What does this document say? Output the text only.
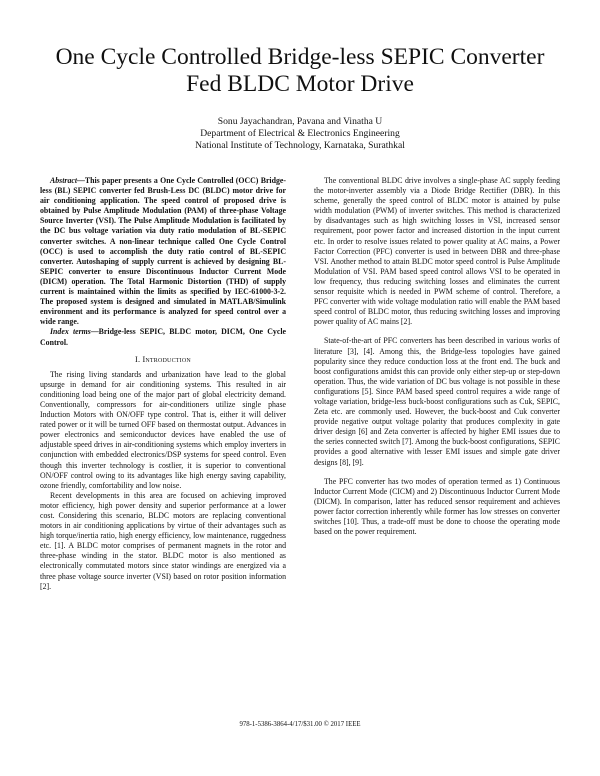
One Cycle Controlled Bridge-less SEPIC Converter
Fed BLDC Motor Drive
Sonu Jayachandran, Pavana and Vinatha U
Department of Electrical & Electronics Engineering
National Institute of Technology, Karnataka, Surathkal

Abstract—This paper presents a One Cycle Controlled (OCC) Bridge-less (BL) SEPIC converter fed Brush-Less DC (BLDC) motor drive for air conditioning application. The speed control of proposed drive is obtained by Pulse Amplitude Modulation (PAM) of three-phase Voltage Source Inverter (VSI). The Pulse Amplitude Modulation is facilitated by the DC bus voltage variation via duty ratio modulation of BL-SEPIC converter switches. A non-linear technique called One Cycle Control (OCC) is used to accomplish the duty ratio control of BL-SEPIC converter. Autoshaping of supply current is achieved by designing BL-SEPIC converter to ensure Discontinuous Inductor Current Mode (DICM) operation. The Total Harmonic Distortion (THD) of supply current is maintained within the limits as specified by IEC-61000-3-2. The proposed system is designed and simulated in MATLAB/Simulink environment and its performance is analyzed for speed control over a wide range.

Index terms—Bridge-less SEPIC, BLDC motor, DICM, One Cycle Control.

I. Introduction

The rising living standards and urbanization have lead to the global upsurge in demand for air conditioning systems. This resulted in air conditioning load being one of the major part of global electricity demand. Conventionally, compressors for air-conditioners utilize single phase Induction Motors with ON/OFF type control. That is, either it will deliver rated power or it will be turned OFF based on thermostat output. Advances in power electronics and semiconductor devices have enabled the use of adjustable speed drives in air-conditioning systems which employ inverters in conjunction with embedded electronics/DSP systems for speed control. Even though this inverter technology is costlier, it is superior to conventional ON/OFF control owing to its advantages like high energy saving capability, ozone friendly, comfortability and low noise.

Recent developments in this area are focused on achieving improved motor efficiency, high power density and superior performance at a lower cost. Considering this scenario, BLDC motors are replacing conventional motors in air conditioning applications by virtue of their advantages such as high torque/inertia ratio, high energy efficiency, low maintenance, ruggedness etc. [1]. A BLDC motor comprises of permanent magnets in the rotor and three-phase winding in the stator. BLDC motor is also mentioned as electronically commutated motors since stator windings are energized via a three phase voltage source inverter (VSI) based on rotor position information [2].

The conventional BLDC drive involves a single-phase AC supply feeding the motor-inverter assembly via a Diode Bridge Rectifier (DBR). In this scheme, generally the speed control of BLDC motor is attained by pulse width modulation (PWM) of inverter switches. This method is characterized by disadvantages such as high switching losses in VSI, increased sensor requirement, poor power factor and increased distortion in the input current etc. In order to resolve issues related to power quality at AC mains, a Power Factor Correction (PFC) converter is used in between DBR and three-phase VSI. Another method to attain BLDC motor speed control is Pulse Amplitude Modulation of VSI. PAM based speed control allows VSI to be operated in low frequency, thus reducing switching losses and eliminates the current sensor requisite which is needed in PWM scheme of control. Therefore, a PFC converter with wide voltage modulation ratio will enable the PAM based speed control of BLDC motor, thus reducing switching losses and improving power quality of AC mains [2].

State-of-the-art of PFC converters has been described in various works of literature [3], [4]. Among this, the Bridge-less topologies have gained popularity since they reduce conduction loss at the front end. The buck and boost configurations amidst this can provide only either step-up or step-down operation. Thus, the wide variation of DC bus voltage is not possible in these configurations [5]. Since PAM based speed control requires a wide range of voltage variation, bridge-less buck-boost configurations such as Cuk, SEPIC, Zeta etc. are commonly used. However, the buck-boost and Cuk converter provide negative output voltage polarity that produces complexity in gate driver design [6] and Zeta converter is affected by higher EMI issues due to the series connected switch [7]. Among the buck-boost configurations, SEPIC provides a good alternative with lesser EMI issues and simple gate driver designs [8], [9].

The PFC converter has two modes of operation termed as 1) Continuous Inductor Current Mode (CICM) and 2) Discontinuous Inductor Current Mode (DICM). In comparison, latter has reduced sensor requirement and achieves power factor correction inherently while former has low stresses on converter switches [10]. Thus, a trade-off must be done to choose the operating mode based on the power requirement.

978-1-5386-3864-4/17/$31.00 © 2017 IEEE
